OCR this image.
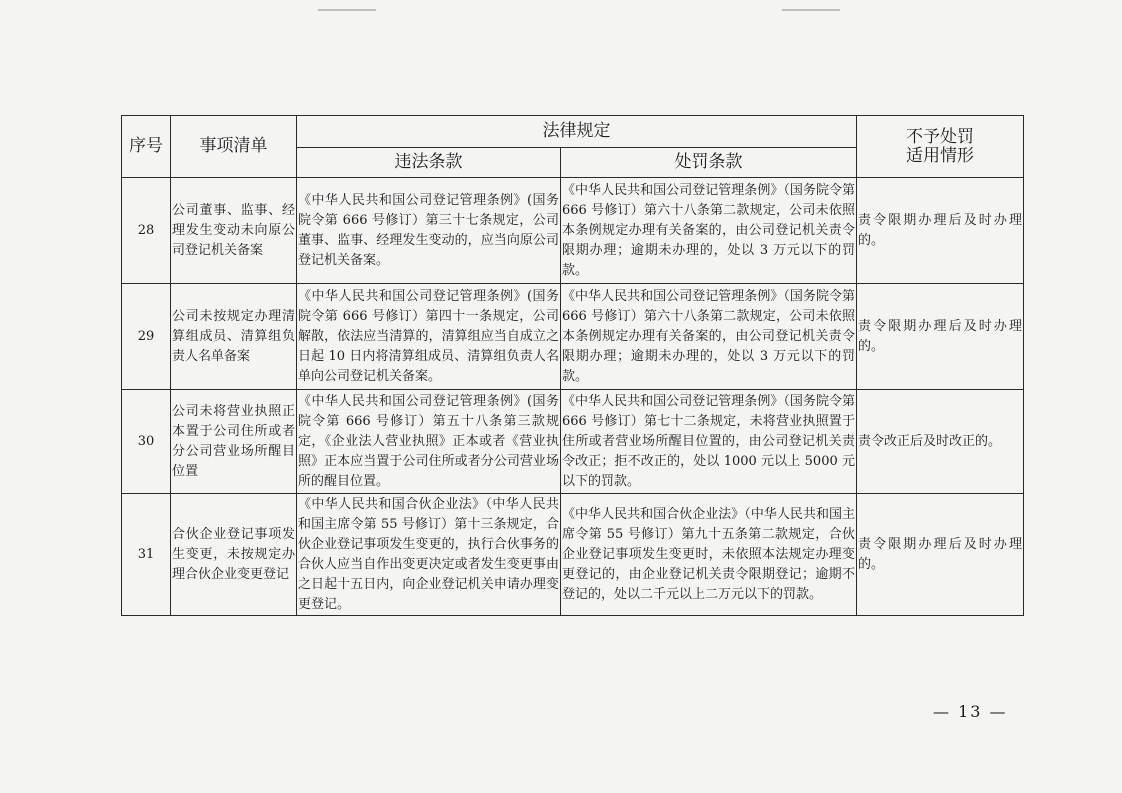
序号	事项清单	法律规定		不予处罚
适用情形
		违法条款	处罚条款	
28	公司董事、监事、经理发生变动未向原公司登记机关备案	《中华人民共和国公司登记管理条例》(国务院令第 666 号修订）第三十七条规定，公司董事、监事、经理发生变动的，应当向原公司登记机关备案。	《中华人民共和国公司登记管理条例》（国务院令第 666 号修订）第六十八条第二款规定，公司未依照本条例规定办理有关备案的，由公司登记机关责令限期办理；逾期未办理的，处以 3 万元以下的罚款。	责令限期办理后及时办理的。

29	公司未按规定办理清算组成员、清算组负责人名单备案	《中华人民共和国公司登记管理条例》(国务院令第 666 号修订）第四十一条规定，公司解散，依法应当清算的，清算组应当自成立之日起 10 日内将清算组成员、清算组负责人名单向公司登记机关备案。	《中华人民共和国公司登记管理条例》（国务院令第 666 号修订）第六十八条第二款规定，公司未依照本条例规定办理有关备案的，由公司登记机关责令限期办理；逾期未办理的，处以 3 万元以下的罚款。	责令限期办理后及时办理的。

30	公司未将营业执照正本置于公司住所或者分公司营业场所醒目位置	《中华人民共和国公司登记管理条例》(国务院令第 666 号修订）第五十八条第三款规定，《企业法人营业执照》正本或者《营业执照》正本应当置于公司住所或者分公司营业场所的醒目位置。	《中华人民共和国公司登记管理条例》（国务院令第 666 号修订）第七十二条规定，未将营业执照置于住所或者营业场所醒目位置的，由公司登记机关责令改正；拒不改正的，处以 1000 元以上 5000 元以下的罚款。	责令改正后及时改正的。

31	合伙企业登记事项发生变更，未按规定办理合伙企业变更登记	《中华人民共和国合伙企业法》（中华人民共和国主席令第 55 号修订）第十三条规定，合伙企业登记事项发生变更的，执行合伙事务的合伙人应当自作出变更决定或者发生变更事由之日起十五日内，向企业登记机关申请办理变更登记。	《中华人民共和国合伙企业法》（中华人民共和国主席令第 55 号修订）第九十五条第二款规定，合伙企业登记事项发生变更时，未依照本法规定办理变更登记的，由企业登记机关责令限期登记；逾期不登记的，处以二千元以上二万元以下的罚款。	责令限期办理后及时办理的。
— 13 —
